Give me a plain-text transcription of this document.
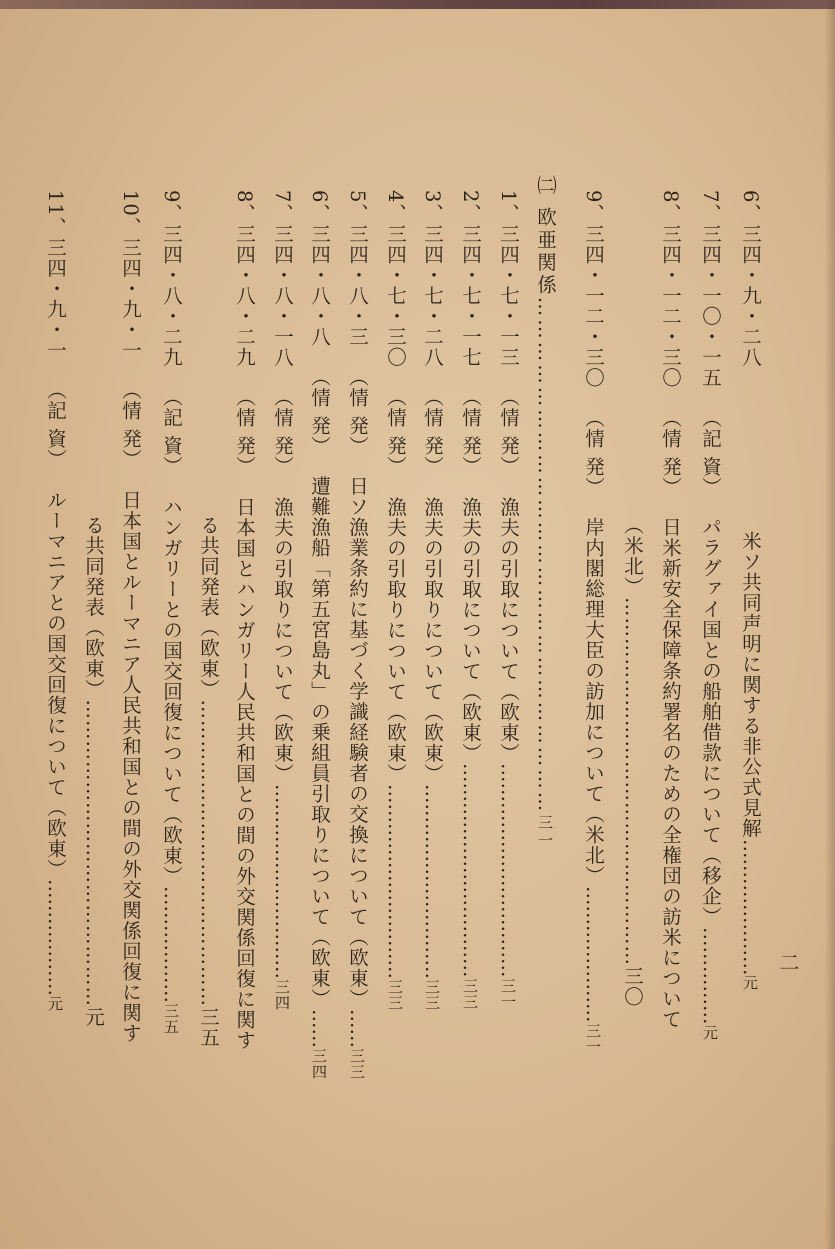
二
6、三四・九・二八米ソ共同声明に関する非公式見解…………………元
7、三四・一〇・一五（記 資）パラグァイ国との船舶借款について（移企）……………元
8、三四・一二・三〇（情 発）日米新安全保障条約署名のための全権団の訪米について
（米北）………………………………………………三〇
9、三四・一二・三〇（情 発）岸内閣総理大臣の訪加について（米北）…………………三一
㈡ 欧亜関係……………………………………………………………三一
1、三四・七・一三（情 発）漁夫の引取について（欧東）……………………………三一
2、三四・七・一七（情 発）漁夫の引取について（欧東）……………………………三三
3、三四・七・二八（情 発）漁夫の引取りについて（欧東）…………………………三三
4、三四・七・三〇（情 発）漁夫の引取りについて（欧東）…………………………三三
5、三四・八・三（情 発）日ソ漁業条約に基づく学識経験者の交換について（欧東）……三三
6、三四・八・八（情 発）遭難漁船「第五宮島丸」の乗組員引取りについて（欧東）……三四
7、三四・八・一八（情 発）漁夫の引取りについて（欧東）…………………………三四
8、三四・八・二九（情 発）日本国とハンガリー人民共和国との間の外交関係回復に関す
る共同発表（欧東）………………………………………三五
9、三四・八・二九（記 資）ハンガリーとの国交回復について（欧東）………………三五
10、三四・九・一（情 発）日本国とルーマニア人民共和国との間の外交関係回復に関す
る共同発表（欧東）………………………………………元
11、三四・九・一（記 資）ルーマニアとの国交回復について（欧東）………………元
